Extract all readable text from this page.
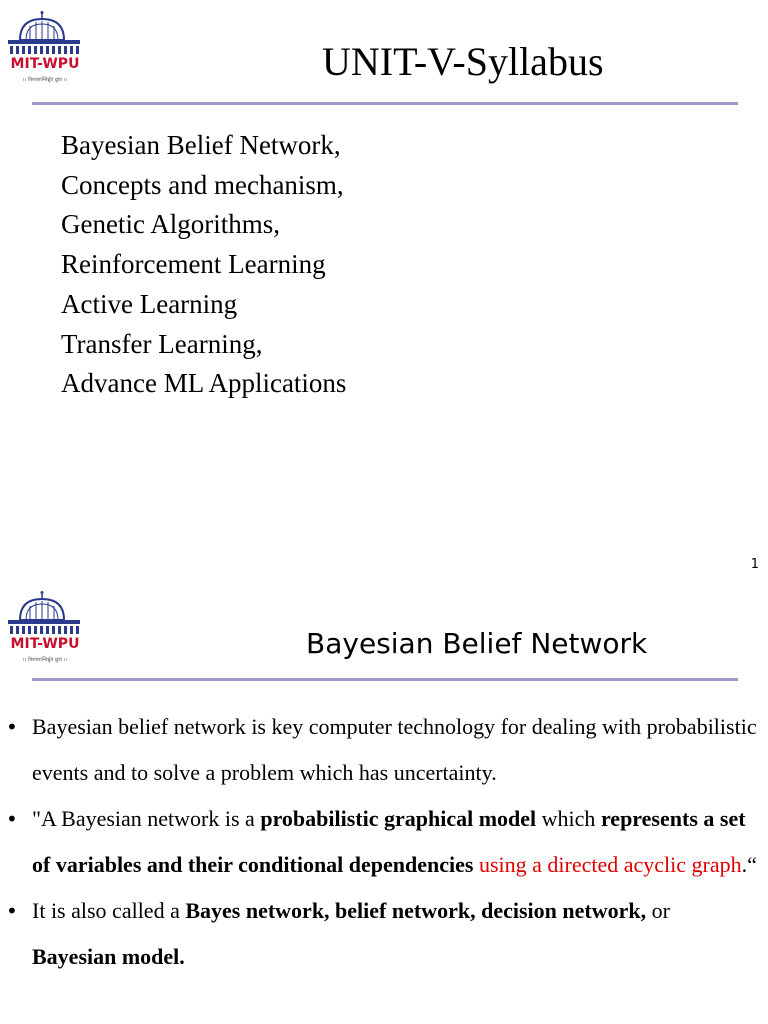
MIT-WPU
।। विश्वशान्तिर्ध्रुवं ध्रुवा ।।	UNIT-V-Syllabus
Bayesian Belief Network,
Concepts and mechanism,
Genetic Algorithms,
Reinforcement Learning
Active Learning
Transfer Learning,
Advance ML Applications
1
MIT-WPU
।। विश्वशान्तिर्ध्रुवं ध्रुवा ।।	Bayesian Belief Network
• Bayesian belief network is key computer technology for dealing with probabilistic events and to solve a problem which has uncertainty.
• "A Bayesian network is a probabilistic graphical model which represents a set of variables and their conditional dependencies using a directed acyclic graph.“
• It is also called a Bayes network, belief network, decision network, or Bayesian model.
